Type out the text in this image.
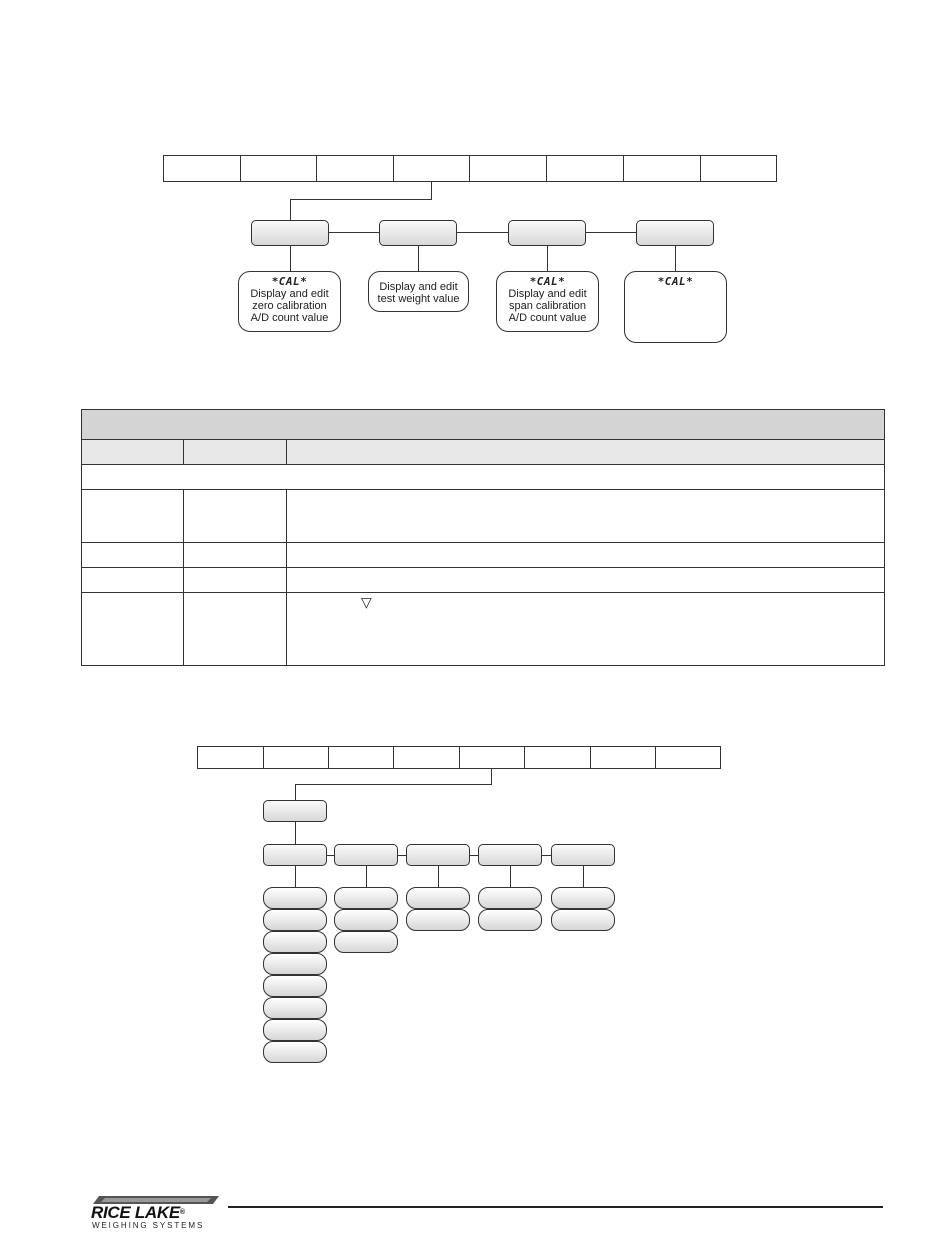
*CAL*
Display and edit
zero calibration
A/D count value
Display and edit
test weight value
*CAL*
Display and edit
span calibration
A/D count value
*CAL*

		▽
RICE LAKE®
WEIGHING SYSTEMS
